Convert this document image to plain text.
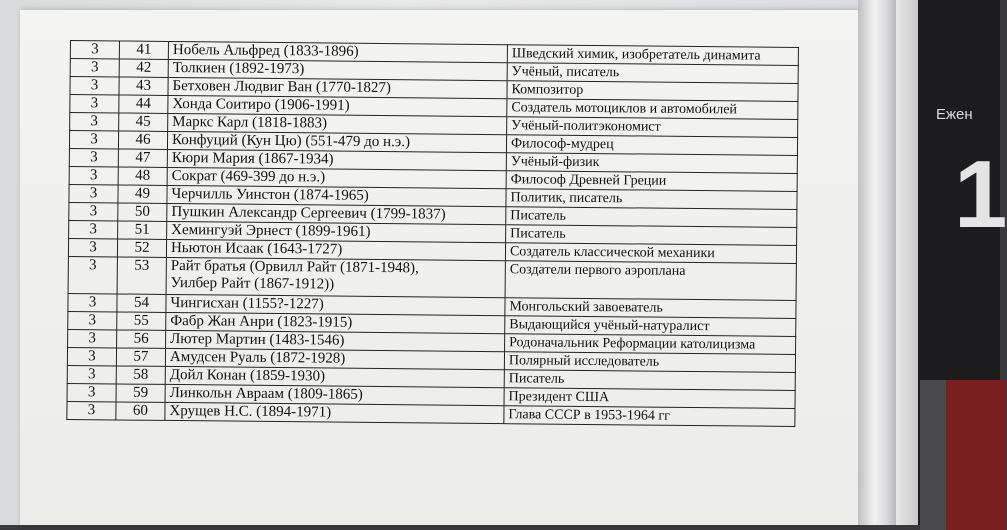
Ежен
1
3	41	Нобель Альфред (1833-1896)	Шведский химик, изобретатель динамита
3	42	Толкиен (1892-1973)	Учёный, писатель
3	43	Бетховен Людвиг Ван (1770-1827)	Композитор
3	44	Хонда Соитиро (1906-1991)	Создатель мотоциклов и автомобилей
3	45	Маркс Карл (1818-1883)	Учёный-политэкономист
3	46	Конфуций (Кун Цю) (551-479 до н.э.)	Философ-мудрец
3	47	Кюри Мария (1867-1934)	Учёный-физик
3	48	Сократ (469-399 до н.э.)	Философ Древней Греции
3	49	Черчилль Уинстон (1874-1965)	Политик, писатель
3	50	Пушкин Александр Сергеевич (1799-1837)	Писатель
3	51	Хемингуэй Эрнест (1899-1961)	Писатель
3	52	Ньютон Исаак (1643-1727)	Создатель классической механики
3	53	Райт братья (Орвилл Райт (1871-1948),
Уилбер Райт (1867-1912))	Создатели первого аэроплана
3	54	Чингисхан (1155?-1227)	Монгольский завоеватель
3	55	Фабр Жан Анри (1823-1915)	Выдающийся учёный-натуралист
3	56	Лютер Мартин (1483-1546)	Родоначальник Реформации католицизма
3	57	Амудсен Руаль (1872-1928)	Полярный исследователь
3	58	Дойл Конан (1859-1930)	Писатель
3	59	Линкольн Авраам (1809-1865)	Президент США
3	60	Хрущев Н.С. (1894-1971)	Глава СССР в 1953-1964 гг
